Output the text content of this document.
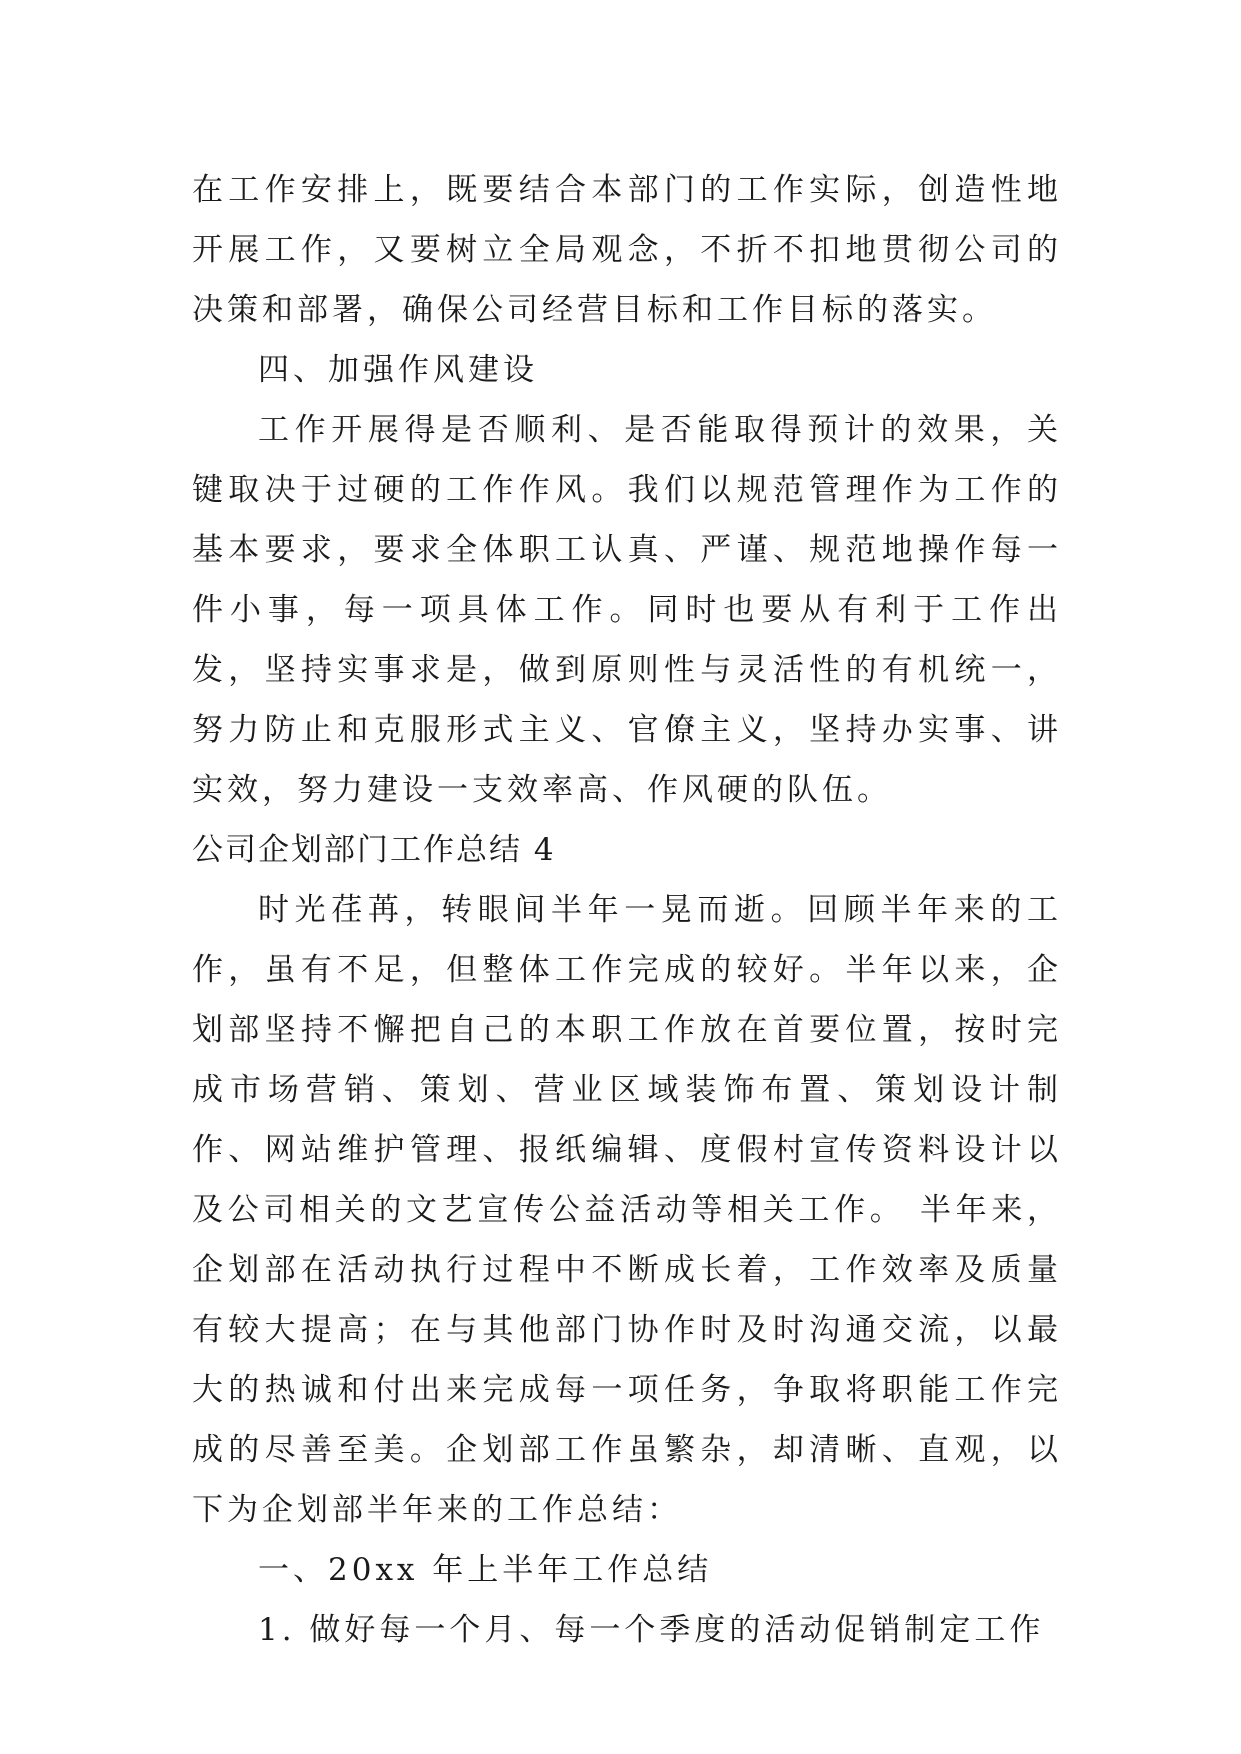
在工作安排上，既要结合本部门的工作实际，创造性地开展工作，又要树立全局观念，不折不扣地贯彻公司的决策和部署，确保公司经营目标和工作目标的落实。

四、加强作风建设

工作开展得是否顺利、是否能取得预计的效果，关键取决于过硬的工作作风。我们以规范管理作为工作的基本要求，要求全体职工认真、严谨、规范地操作每一件小事，每一项具体工作。同时也要从有利于工作出发，坚持实事求是，做到原则性与灵活性的有机统一，努力防止和克服形式主义、官僚主义，坚持办实事、讲实效，努力建设一支效率高、作风硬的队伍。

公司企划部门工作总结 4

时光荏苒，转眼间半年一晃而逝。回顾半年来的工作，虽有不足，但整体工作完成的较好。半年以来，企划部坚持不懈把自己的本职工作放在首要位置，按时完成市场营销、策划、营业区域装饰布置、策划设计制作、网站维护管理、报纸编辑、度假村宣传资料设计以及公司相关的文艺宣传公益活动等相关工作。 半年来，企划部在活动执行过程中不断成长着，工作效率及质量有较大提高；在与其他部门协作时及时沟通交流，以最大的热诚和付出来完成每一项任务，争取将职能工作完成的尽善至美。企划部工作虽繁杂，却清晰、直观，以下为企划部半年来的工作总结：

一、20xx 年上半年工作总结

1. 做好每一个月、每一个季度的活动促销制定工作
